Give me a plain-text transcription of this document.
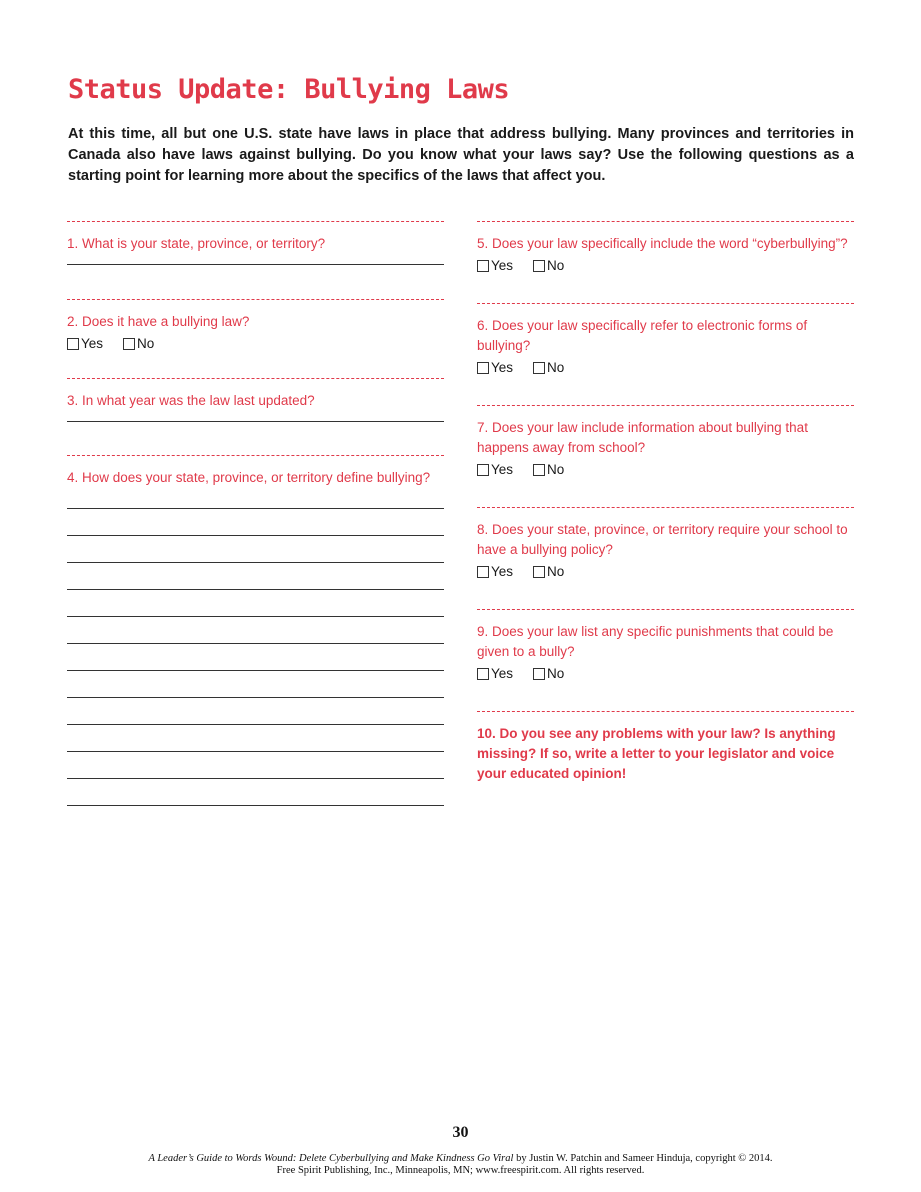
Status Update: Bullying Laws
At this time, all but one U.S. state have laws in place that address bullying. Many provinces and territories in Canada also have laws against bullying. Do you know what your laws say? Use the following questions as a starting point for learning more about the specifics of the laws that affect you.
1. What is your state, province, or territory?
2. Does it have a bullying law?
Yes	No
3. In what year was the law last updated?
4. How does your state, province, or territory define bullying?
5. Does your law specifically include the word “cyberbullying”?
Yes	No
6. Does your law specifically refer to electronic forms of bullying?
Yes	No
7. Does your law include information about bullying that happens away from school?
Yes	No
8. Does your state, province, or territory require your school to have a bullying policy?
Yes	No
9. Does your law list any specific punishments that could be given to a bully?
Yes	No
10. Do you see any problems with your law? Is anything missing? If so, write a letter to your legislator and voice your educated opinion!
30
A Leader’s Guide to Words Wound: Delete Cyberbullying and Make Kindness Go Viral by Justin W. Patchin and Sameer Hinduja, copyright © 2014.
Free Spirit Publishing, Inc., Minneapolis, MN; www.freespirit.com. All rights reserved.
